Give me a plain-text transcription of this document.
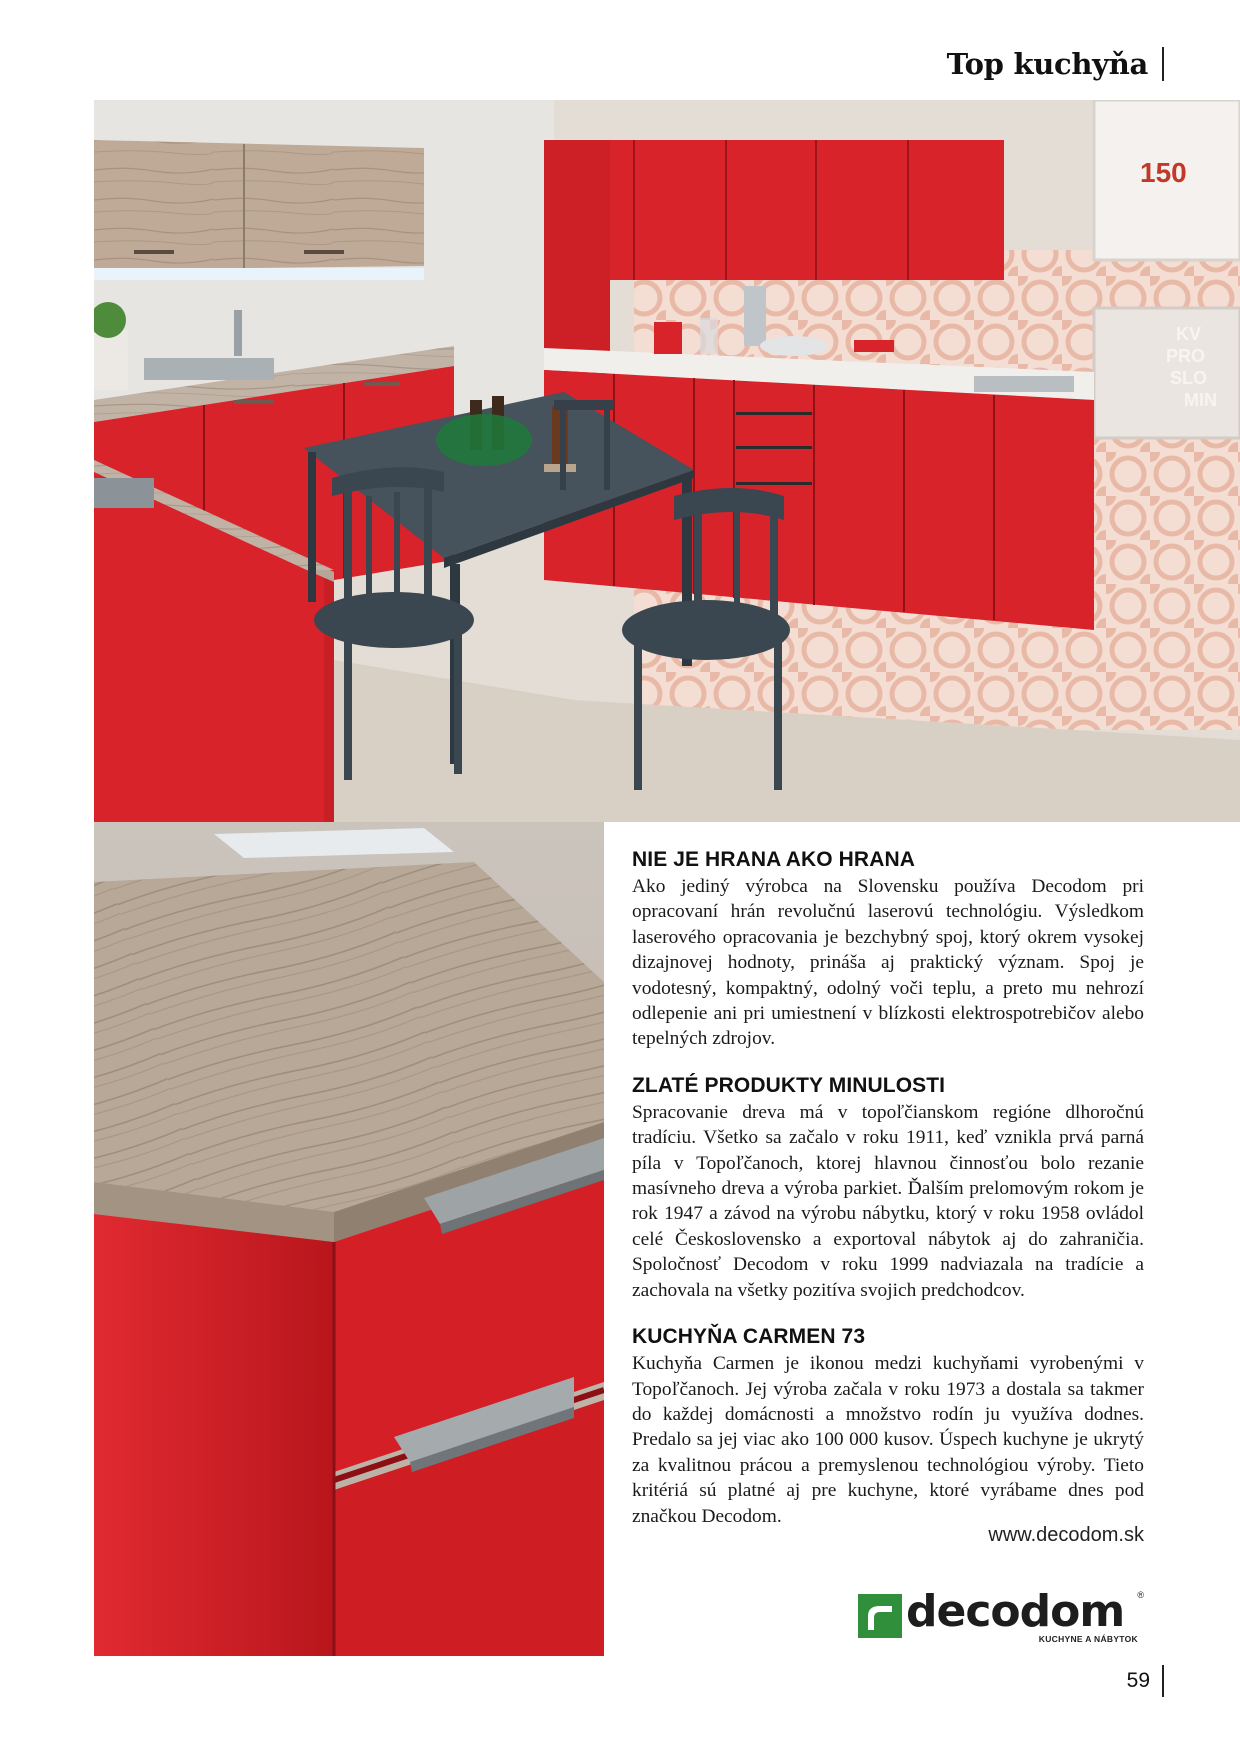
Top kuchyňa
150
KV
PRO
SLO
MIN
NIE JE HRANA AKO HRANA

Ako jediný výrobca na Slovensku používa Decodom pri opracovaní hrán revolučnú laserovú technológiu. Výsledkom laserového opracovania je bezchybný spoj, ktorý okrem vysokej dizajnovej hodnoty, prináša aj praktický význam. Spoj je vodotesný, kompaktný, odolný voči teplu, a preto mu nehrozí odlepenie ani pri umiestnení v blízkosti elektrospotrebičov alebo tepelných zdrojov.

ZLATÉ PRODUKTY MINULOSTI

Spracovanie dreva má v topoľčianskom regióne dlhoročnú tradíciu. Všetko sa začalo v roku 1911, keď vznikla prvá parná píla v Topoľčanoch, ktorej hlavnou činnosťou bolo rezanie masívneho dreva a výroba parkiet. Ďalším prelomovým rokom je rok 1947 a závod na výrobu nábytku, ktorý v roku 1958 ovládol celé Československo a exportoval nábytok aj do zahraničia. Spoločnosť Decodom v roku 1999 nadviazala na tradície a zachovala na všetky pozitíva svojich predchodcov.

KUCHYŇA CARMEN 73

Kuchyňa Carmen je ikonou medzi kuchyňami vyrobenými v Topoľčanoch. Jej výroba začala v roku 1973 a dostala sa takmer do každej domácnosti a množstvo rodín ju využíva dodnes. Predalo sa jej viac ako 100 000 kusov. Úspech kuchyne je ukrytý za kvalitnou prácou a premyslenou technológiou výroby. Tieto kritériá sú platné aj pre kuchyne, ktoré vyrábame dnes pod značkou Decodom.

www.decodom.sk
decodom ®
KUCHYNE A NÁBYTOK
59
